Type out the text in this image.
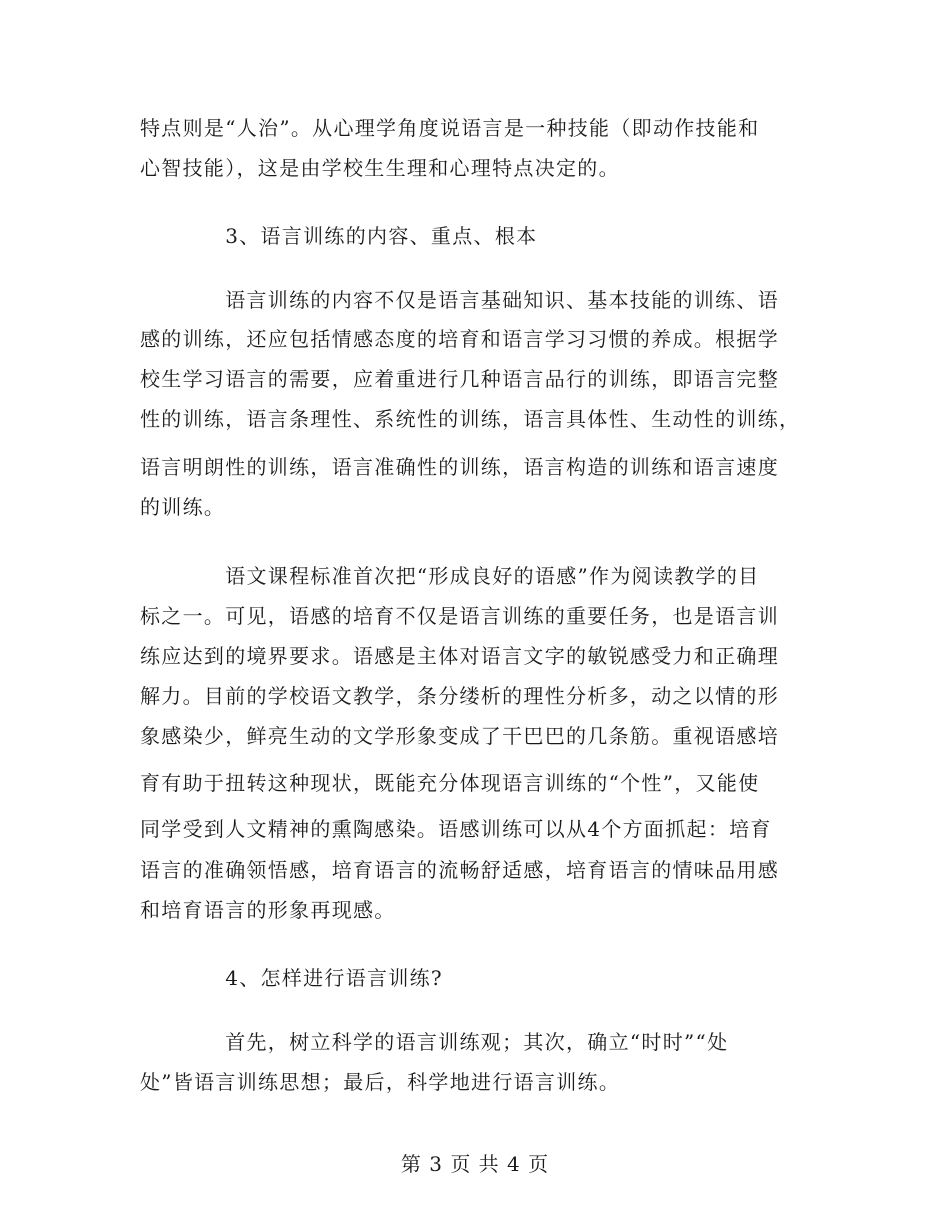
特点则是“人治”。从心理学角度说语言是一种技能（即动作技能和

心智技能），这是由学校生生理和心理特点决定的。

　　　　3、语言训练的内容、重点、根本

　　　　语言训练的内容不仅是语言基础知识、基本技能的训练、语

感的训练，还应包括情感态度的培育和语言学习习惯的养成。根据学

校生学习语言的需要，应着重进行几种语言品行的训练，即语言完整

性的训练，语言条理性、系统性的训练，语言具体性、生动性的训练，

语言明朗性的训练，语言准确性的训练，语言构造的训练和语言速度

的训练。

　　　　语文课程标准首次把“形成良好的语感”作为阅读教学的目

标之一。可见，语感的培育不仅是语言训练的重要任务，也是语言训

练应达到的境界要求。语感是主体对语言文字的敏锐感受力和正确理

解力。目前的学校语文教学，条分缕析的理性分析多，动之以情的形

象感染少，鲜亮生动的文学形象变成了干巴巴的几条筋。重视语感培

育有助于扭转这种现状，既能充分体现语言训练的“个性”，又能使

同学受到人文精神的熏陶感染。语感训练可以从4个方面抓起：培育

语言的准确领悟感，培育语言的流畅舒适感，培育语言的情味品用感

和培育语言的形象再现感。

　　　　4、怎样进行语言训练?

　　　　首先，树立科学的语言训练观；其次，确立“时时”“处

处”皆语言训练思想；最后，科学地进行语言训练。

第 3 页 共 4 页
